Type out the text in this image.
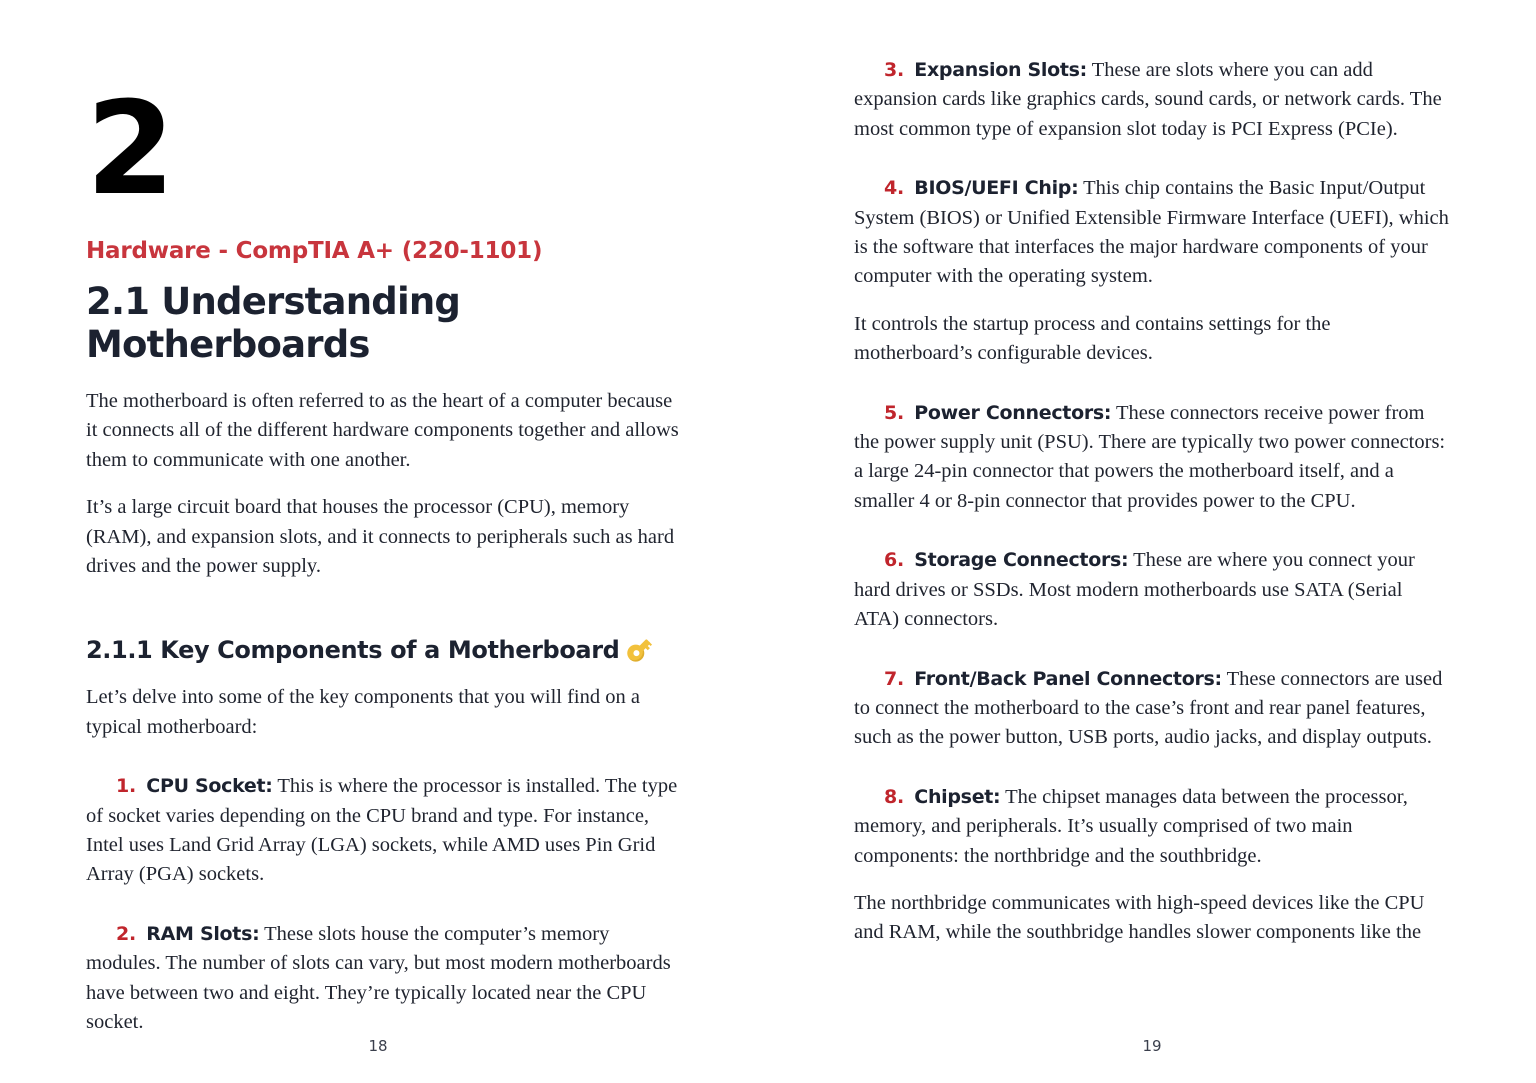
2
Hardware - CompTIA A+ (220-1101)
2.1 Understanding Motherboards

The motherboard is often referred to as the heart of a computer because it connects all of the different hardware components together and allows them to communicate with one another.

It’s a large circuit board that houses the processor (CPU), memory (RAM), and expansion slots, and it connects to peripherals such as hard drives and the power supply.

2.1.1 Key Components of a Motherboard

Let’s delve into some of the key components that you will find on a typical motherboard:

1. CPU Socket: This is where the processor is installed. The type of socket varies depending on the CPU brand and type. For instance, Intel uses Land Grid Array (LGA) sockets, while AMD uses Pin Grid Array (PGA) sockets.

2. RAM Slots: These slots house the computer’s memory modules. The number of slots can vary, but most modern motherboards have between two and eight. They’re typically located near the CPU socket.

18

3. Expansion Slots: These are slots where you can add expansion cards like graphics cards, sound cards, or network cards. The most common type of expansion slot today is PCI Express (PCIe).

4. BIOS/UEFI Chip: This chip contains the Basic Input/Output System (BIOS) or Unified Extensible Firmware Interface (UEFI), which is the software that interfaces the major hardware components of your computer with the operating system.

It controls the startup process and contains settings for the motherboard’s configurable devices.

5. Power Connectors: These connectors receive power from the power supply unit (PSU). There are typically two power connectors: a large 24-pin connector that powers the motherboard itself, and a smaller 4 or 8-pin connector that provides power to the CPU.

6. Storage Connectors: These are where you connect your hard drives or SSDs. Most modern motherboards use SATA (Serial ATA) connectors.

7. Front/Back Panel Connectors: These connectors are used to connect the motherboard to the case’s front and rear panel features, such as the power button, USB ports, audio jacks, and display outputs.

8. Chipset: The chipset manages data between the processor, memory, and peripherals. It’s usually comprised of two main components: the northbridge and the southbridge.

The northbridge communicates with high-speed devices like the CPU and RAM, while the southbridge handles slower components like the

19
